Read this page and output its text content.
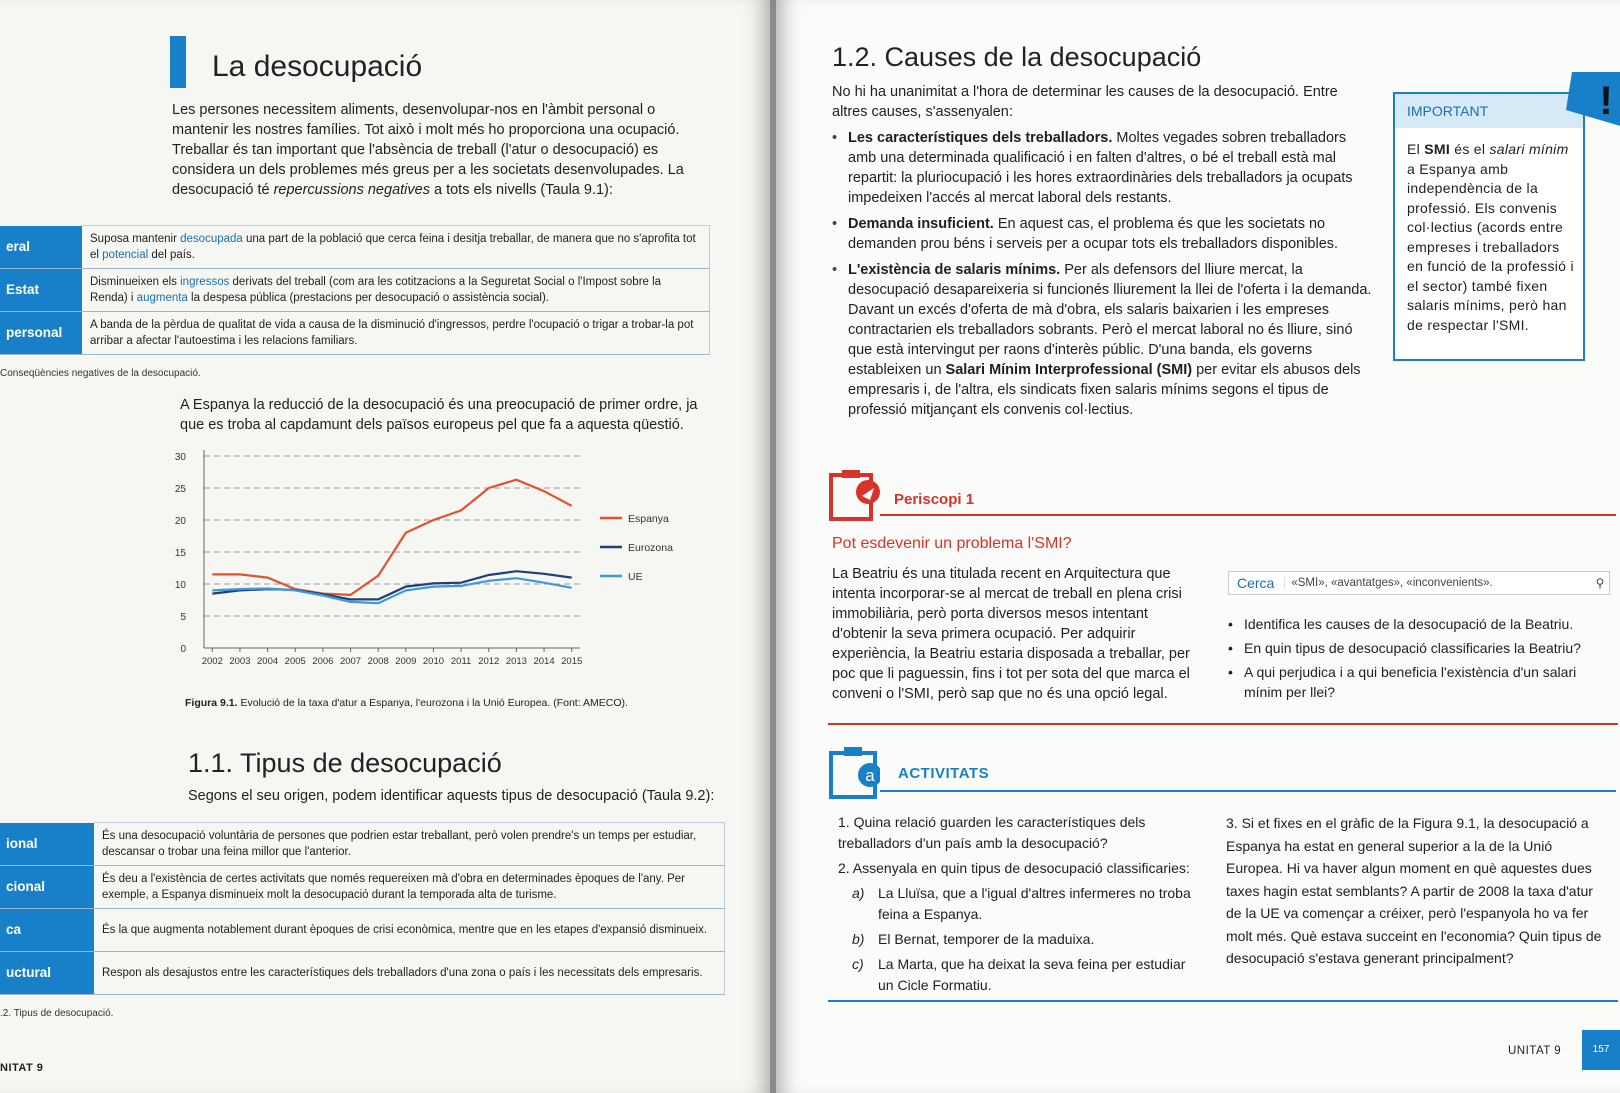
La desocupació
Les persones necessitem aliments, desenvolupar-nos en l'àmbit personal o mantenir les nostres famílies. Tot això i molt més ho proporciona una ocupació. Treballar és tan important que l'absència de treball (l'atur o desocupació) es considera un dels problemes més greus per a les societats desenvolupades. La desocupació té repercussions negatives a tots els nivells (Taula 9.1):
eral	Suposa mantenir desocupada una part de la població que cerca feina i desitja treballar, de manera que no s'aprofita tot el potencial del país.
Estat	Disminueixen els ingressos derivats del treball (com ara les cotitzacions a la Seguretat Social o l'Impost sobre la Renda) i augmenta la despesa pública (prestacions per desocupació o assistència social).
personal	A banda de la pèrdua de qualitat de vida a causa de la disminució d'ingressos, perdre l'ocupació o trigar a trobar-la pot arribar a afectar l'autoestima i les relacions familiars.
Conseqüències negatives de la desocupació.
A Espanya la reducció de la desocupació és una preocupació de primer ordre, ja que es troba al capdamunt dels països europeus pel que fa a aquesta qüestió.
0
5
10
15
20
25
30
2002 2003 2004 2005 2006 2007 2008 2009 2010 2011 2012 2013 2014 2015
Espanya
Eurozona
UE
Figura 9.1. Evolució de la taxa d'atur a Espanya, l'eurozona i la Unió Europea. (Font: AMECO).
1.1. Tipus de desocupació
Segons el seu origen, podem identificar aquests tipus de desocupació (Taula 9.2):
ional	És una desocupació voluntària de persones que podrien estar treballant, però volen prendre's un temps per estudiar, descansar o trobar una feina millor que l'anterior.
cional	És deu a l'existència de certes activitats que només requereixen mà d'obra en determinades èpoques de l'any. Per exemple, a Espanya disminueix molt la desocupació durant la temporada alta de turisme.
ca	És la que augmenta notablement durant èpoques de crisi econòmica, mentre que en les etapes d'expansió disminueix.
uctural	Respon als desajustos entre les característiques dels treballadors d'una zona o país i les necessitats dels empresaris.
.2. Tipus de desocupació.
NITAT 9
1.2. Causes de la desocupació
No hi ha unanimitat a l'hora de determinar les causes de la desocupació. Entre altres causes, s'assenyalen:
• Les característiques dels treballadors. Moltes vegades sobren treballadors amb una determinada qualificació i en falten d'altres, o bé el treball està mal repartit: la pluriocupació i les hores extraordinàries dels treballadors ja ocupats impedeixen l'accés al mercat laboral dels restants.
• Demanda insuficient. En aquest cas, el problema és que les societats no demanden prou béns i serveis per a ocupar tots els treballadors disponibles.
• L'existència de salaris mínims. Per als defensors del lliure mercat, la desocupació desapareixeria si funcionés lliurement la llei de l'oferta i la demanda. Davant un excés d'oferta de mà d'obra, els salaris baixarien i les empreses contractarien els treballadors sobrants. Però el mercat laboral no és lliure, sinó que està intervingut per raons d'interès públic. D'una banda, els governs estableixen un Salari Mínim Interprofessional (SMI) per evitar els abusos dels empresaris i, de l'altra, els sindicats fixen salaris mínims segons el tipus de professió mitjançant els convenis col·lectius.
IMPORTANT
El SMI és el salari mínim a Espanya amb independència de la professió. Els convenis col·lectius (acords entre empreses i treballadors en funció de la professió i el sector) també fixen salaris mínims, però han de respectar l'SMI.
!
Periscopi 1
Pot esdevenir un problema l'SMI?
La Beatriu és una titulada recent en Arquitectura que intenta incorporar-se al mercat de treball en plena crisi immobiliària, però porta diversos mesos intentant d'obtenir la seva primera ocupació. Per adquirir experiència, la Beatriu estaria disposada a treballar, per poc que li paguessin, fins i tot per sota del que marca el conveni o l'SMI, però sap que no és una opció legal.
Cerca	«SMI», «avantatges», «inconvenients».	⚲
• Identifica les causes de la desocupació de la Beatriu.
• En quin tipus de desocupació classificaries la Beatriu?
• A qui perjudica i a qui beneficia l'existència d'un salari mínim per llei?
a ACTIVITATS
1. Quina relació guarden les característiques dels treballadors d'un país amb la desocupació?
2. Assenyala en quin tipus de desocupació classificaries:
a) La Lluïsa, que a l'igual d'altres infermeres no troba feina a Espanya.
b) El Bernat, temporer de la maduixa.
c) La Marta, que ha deixat la seva feina per estudiar un Cicle Formatiu.
3. Si et fixes en el gràfic de la Figura 9.1, la desocupació a Espanya ha estat en general superior a la de la Unió Europea. Hi va haver algun moment en què aquestes dues taxes hagin estat semblants? A partir de 2008 la taxa d'atur de la UE va començar a créixer, però l'espanyola ho va fer molt més. Què estava succeint en l'economia? Quin tipus de desocupació s'estava generant principalment?
UNITAT 9	157
